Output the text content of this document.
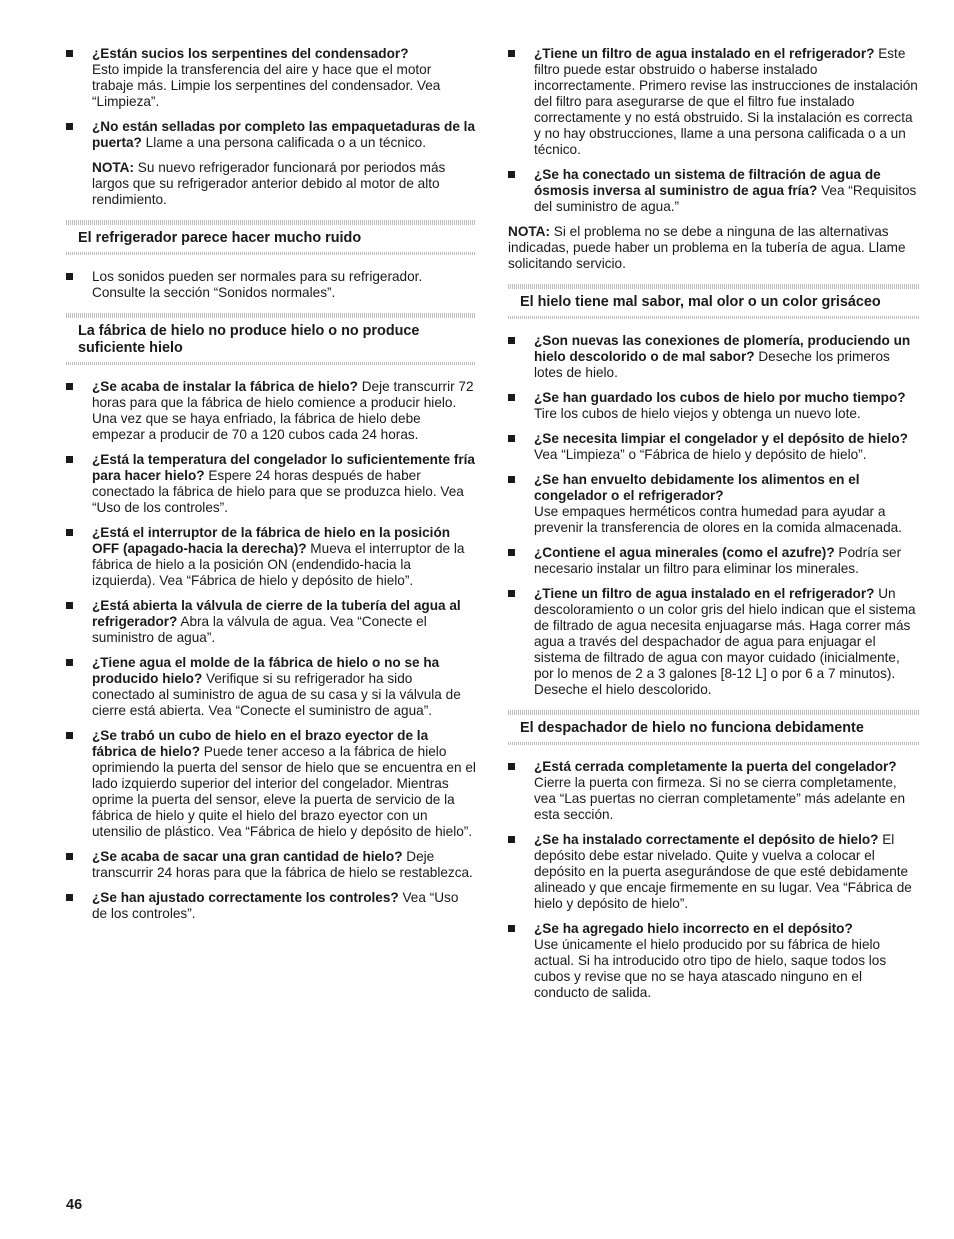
¿Están sucios los serpentines del condensador?
Esto impide la transferencia del aire y hace que el motor trabaje más. Limpie los serpentines del condensador. Vea “Limpieza”.
¿No están selladas por completo las empaquetaduras de la puerta? Llame a una persona calificada o a un técnico.
NOTA: Su nuevo refrigerador funcionará por periodos más largos que su refrigerador anterior debido al motor de alto rendimiento.
El refrigerador parece hacer mucho ruido
Los sonidos pueden ser normales para su refrigerador. Consulte la sección “Sonidos normales”.
La fábrica de hielo no produce hielo o no produce suficiente hielo
¿Se acaba de instalar la fábrica de hielo? Deje transcurrir 72 horas para que la fábrica de hielo comience a producir hielo. Una vez que se haya enfriado, la fábrica de hielo debe empezar a producir de 70 a 120 cubos cada 24 horas.
¿Está la temperatura del congelador lo suficientemente fría para hacer hielo? Espere 24 horas después de haber conectado la fábrica de hielo para que se produzca hielo. Vea “Uso de los controles”.
¿Está el interruptor de la fábrica de hielo en la posición OFF (apagado-hacia la derecha)? Mueva el interruptor de la fábrica de hielo a la posición ON (endendido-hacia la izquierda). Vea “Fábrica de hielo y depósito de hielo”.
¿Está abierta la válvula de cierre de la tubería del agua al refrigerador? Abra la válvula de agua. Vea “Conecte el suministro de agua”.
¿Tiene agua el molde de la fábrica de hielo o no se ha producido hielo? Verifique si su refrigerador ha sido conectado al suministro de agua de su casa y si la válvula de cierre está abierta. Vea “Conecte el suministro de agua”.
¿Se trabó un cubo de hielo en el brazo eyector de la fábrica de hielo? Puede tener acceso a la fábrica de hielo oprimiendo la puerta del sensor de hielo que se encuentra en el lado izquierdo superior del interior del congelador. Mientras oprime la puerta del sensor, eleve la puerta de servicio de la fábrica de hielo y quite el hielo del brazo eyector con un utensilio de plástico. Vea “Fábrica de hielo y depósito de hielo”.
¿Se acaba de sacar una gran cantidad de hielo? Deje transcurrir 24 horas para que la fábrica de hielo se restablezca.
¿Se han ajustado correctamente los controles? Vea “Uso de los controles”.
¿Tiene un filtro de agua instalado en el refrigerador? Este filtro puede estar obstruido o haberse instalado incorrectamente. Primero revise las instrucciones de instalación del filtro para asegurarse de que el filtro fue instalado correctamente y no está obstruido. Si la instalación es correcta y no hay obstrucciones, llame a una persona calificada o a un técnico.
¿Se ha conectado un sistema de filtración de agua de ósmosis inversa al suministro de agua fría? Vea “Requisitos del suministro de agua.”
NOTA: Si el problema no se debe a ninguna de las alternativas indicadas, puede haber un problema en la tubería de agua. Llame solicitando servicio.
El hielo tiene mal sabor, mal olor o un color grisáceo
¿Son nuevas las conexiones de plomería, produciendo un hielo descolorido o de mal sabor? Deseche los primeros lotes de hielo.
¿Se han guardado los cubos de hielo por mucho tiempo? Tire los cubos de hielo viejos y obtenga un nuevo lote.
¿Se necesita limpiar el congelador y el depósito de hielo? Vea “Limpieza” o “Fábrica de hielo y depósito de hielo”.
¿Se han envuelto debidamente los alimentos en el congelador o el refrigerador?
Use empaques herméticos contra humedad para ayudar a prevenir la transferencia de olores en la comida almacenada.
¿Contiene el agua minerales (como el azufre)? Podría ser necesario instalar un filtro para eliminar los minerales.
¿Tiene un filtro de agua instalado en el refrigerador? Un descoloramiento o un color gris del hielo indican que el sistema de filtrado de agua necesita enjuagarse más. Haga correr más agua a través del despachador de agua para enjuagar el sistema de filtrado de agua con mayor cuidado (inicialmente, por lo menos de 2 a 3 galones [8-12 L] o por 6 a 7 minutos). Deseche el hielo descolorido.
El despachador de hielo no funciona debidamente
¿Está cerrada completamente la puerta del congelador? Cierre la puerta con firmeza. Si no se cierra completamente, vea “Las puertas no cierran completamente” más adelante en esta sección.
¿Se ha instalado correctamente el depósito de hielo? El depósito debe estar nivelado. Quite y vuelva a colocar el depósito en la puerta asegurándose de que esté debidamente alineado y que encaje firmemente en su lugar. Vea “Fábrica de hielo y depósito de hielo”.
¿Se ha agregado hielo incorrecto en el depósito?
Use únicamente el hielo producido por su fábrica de hielo actual. Si ha introducido otro tipo de hielo, saque todos los cubos y revise que no se haya atascado ninguno en el conducto de salida.
46
